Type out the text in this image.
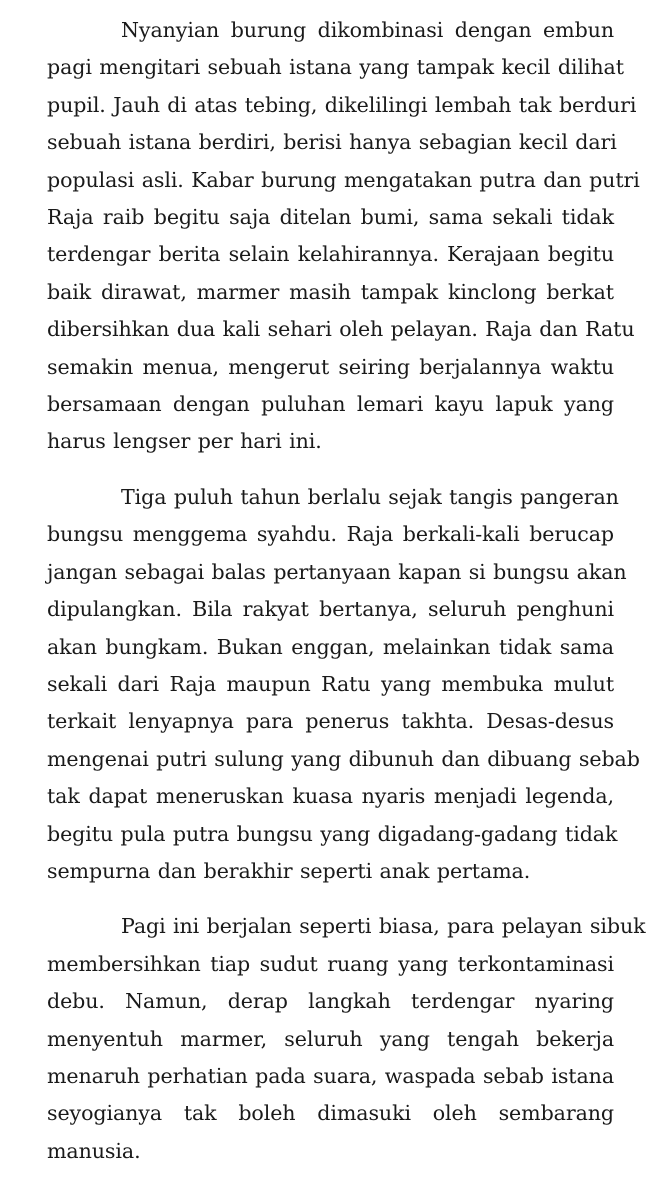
Nyanyian burung dikombinasi dengan embun
pagi mengitari sebuah istana yang tampak kecil dilihat
pupil. Jauh di atas tebing, dikelilingi lembah tak berduri
sebuah istana berdiri, berisi hanya sebagian kecil dari
populasi asli. Kabar burung mengatakan putra dan putri
Raja raib begitu saja ditelan bumi, sama sekali tidak
terdengar berita selain kelahirannya. Kerajaan begitu
baik dirawat, marmer masih tampak kinclong berkat
dibersihkan dua kali sehari oleh pelayan. Raja dan Ratu
semakin menua, mengerut seiring berjalannya waktu
bersamaan dengan puluhan lemari kayu lapuk yang
harus lengser per hari ini.
Tiga puluh tahun berlalu sejak tangis pangeran
bungsu menggema syahdu. Raja berkali-kali berucap
jangan sebagai balas pertanyaan kapan si bungsu akan
dipulangkan. Bila rakyat bertanya, seluruh penghuni
akan bungkam. Bukan enggan, melainkan tidak sama
sekali dari Raja maupun Ratu yang membuka mulut
terkait lenyapnya para penerus takhta. Desas-desus
mengenai putri sulung yang dibunuh dan dibuang sebab
tak dapat meneruskan kuasa nyaris menjadi legenda,
begitu pula putra bungsu yang digadang-gadang tidak
sempurna dan berakhir seperti anak pertama.
Pagi ini berjalan seperti biasa, para pelayan sibuk
membersihkan tiap sudut ruang yang terkontaminasi
debu. Namun, derap langkah terdengar nyaring
menyentuh marmer, seluruh yang tengah bekerja
menaruh perhatian pada suara, waspada sebab istana
seyogianya tak boleh dimasuki oleh sembarang
manusia.
